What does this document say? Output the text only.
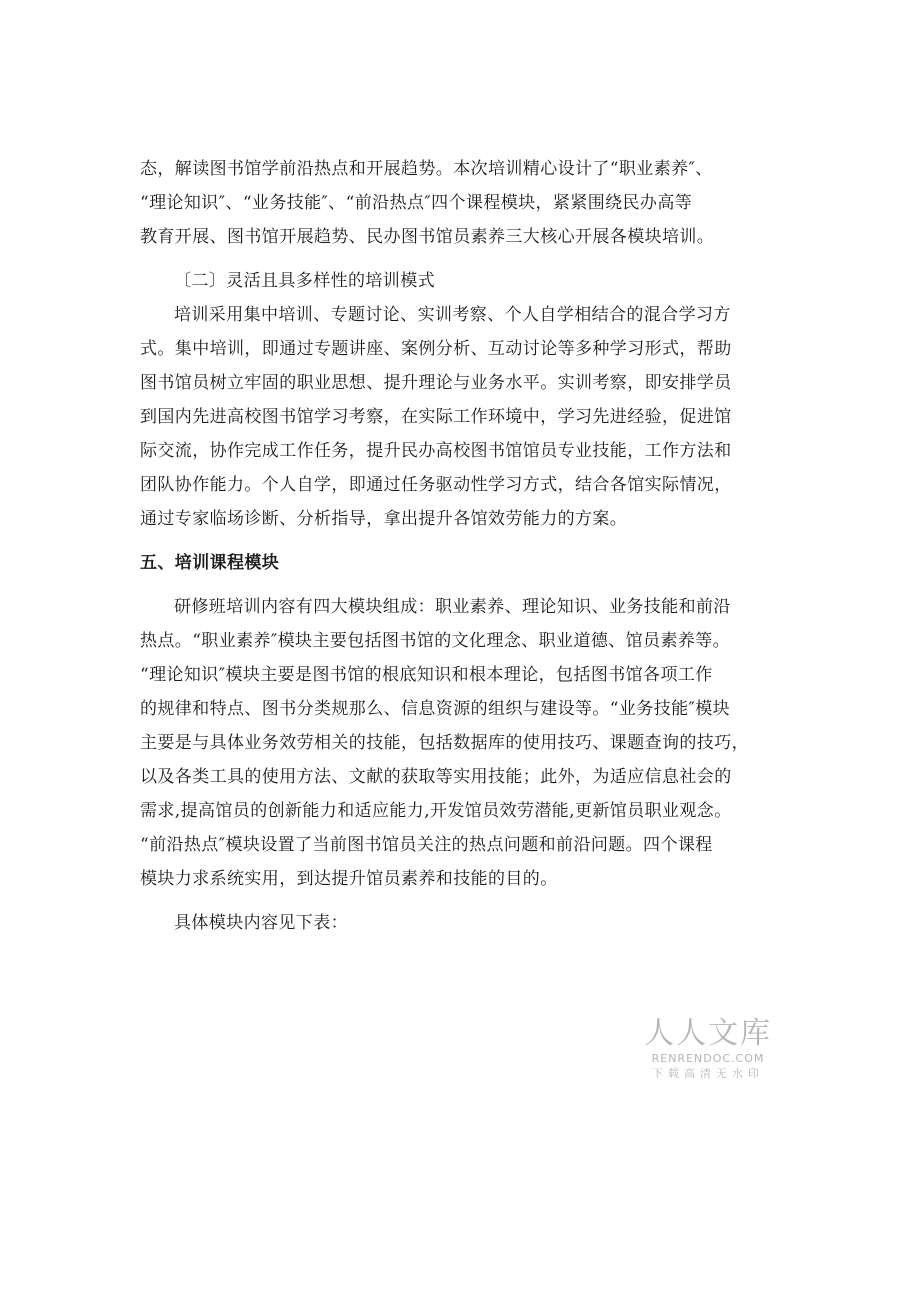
态，解读图书馆学前沿热点和开展趋势。本次培训精心设计了“职业素养″、
“理论知识″、“业务技能″、“前沿热点″四个课程模块，紧紧围绕民办高等
教育开展、图书馆开展趋势、民办图书馆员素养三大核心开展各模块培训。
〔二〕灵活且具多样性的培训模式
培训采用集中培训、专题讨论、实训考察、个人自学相结合的混合学习方
式。集中培训，即通过专题讲座、案例分析、互动讨论等多种学习形式，帮助
图书馆员树立牢固的职业思想、提升理论与业务水平。实训考察，即安排学员
到国内先进高校图书馆学习考察，在实际工作环境中，学习先进经验，促进馆
际交流，协作完成工作任务，提升民办高校图书馆馆员专业技能，工作方法和
团队协作能力。个人自学，即通过任务驱动性学习方式，结合各馆实际情况，
通过专家临场诊断、分析指导，拿出提升各馆效劳能力的方案。
五、培训课程模块
研修班培训内容有四大模块组成：职业素养、理论知识、业务技能和前沿
热点。“职业素养″模块主要包括图书馆的文化理念、职业道德、馆员素养等。
“理论知识″模块主要是图书馆的根底知识和根本理论，包括图书馆各项工作
的规律和特点、图书分类规那么、信息资源的组织与建设等。“业务技能″模块
主要是与具体业务效劳相关的技能，包括数据库的使用技巧、课题查询的技巧，
以及各类工具的使用方法、文献的获取等实用技能；此外，为适应信息社会的
需求,提高馆员的创新能力和适应能力,开发馆员效劳潜能,更新馆员职业观念。
“前沿热点″模块设置了当前图书馆员关注的热点问题和前沿问题。四个课程
模块力求系统实用，到达提升馆员素养和技能的目的。
具体模块内容见下表：
人人文库
RENRENDOC.COM
下载高清无水印
